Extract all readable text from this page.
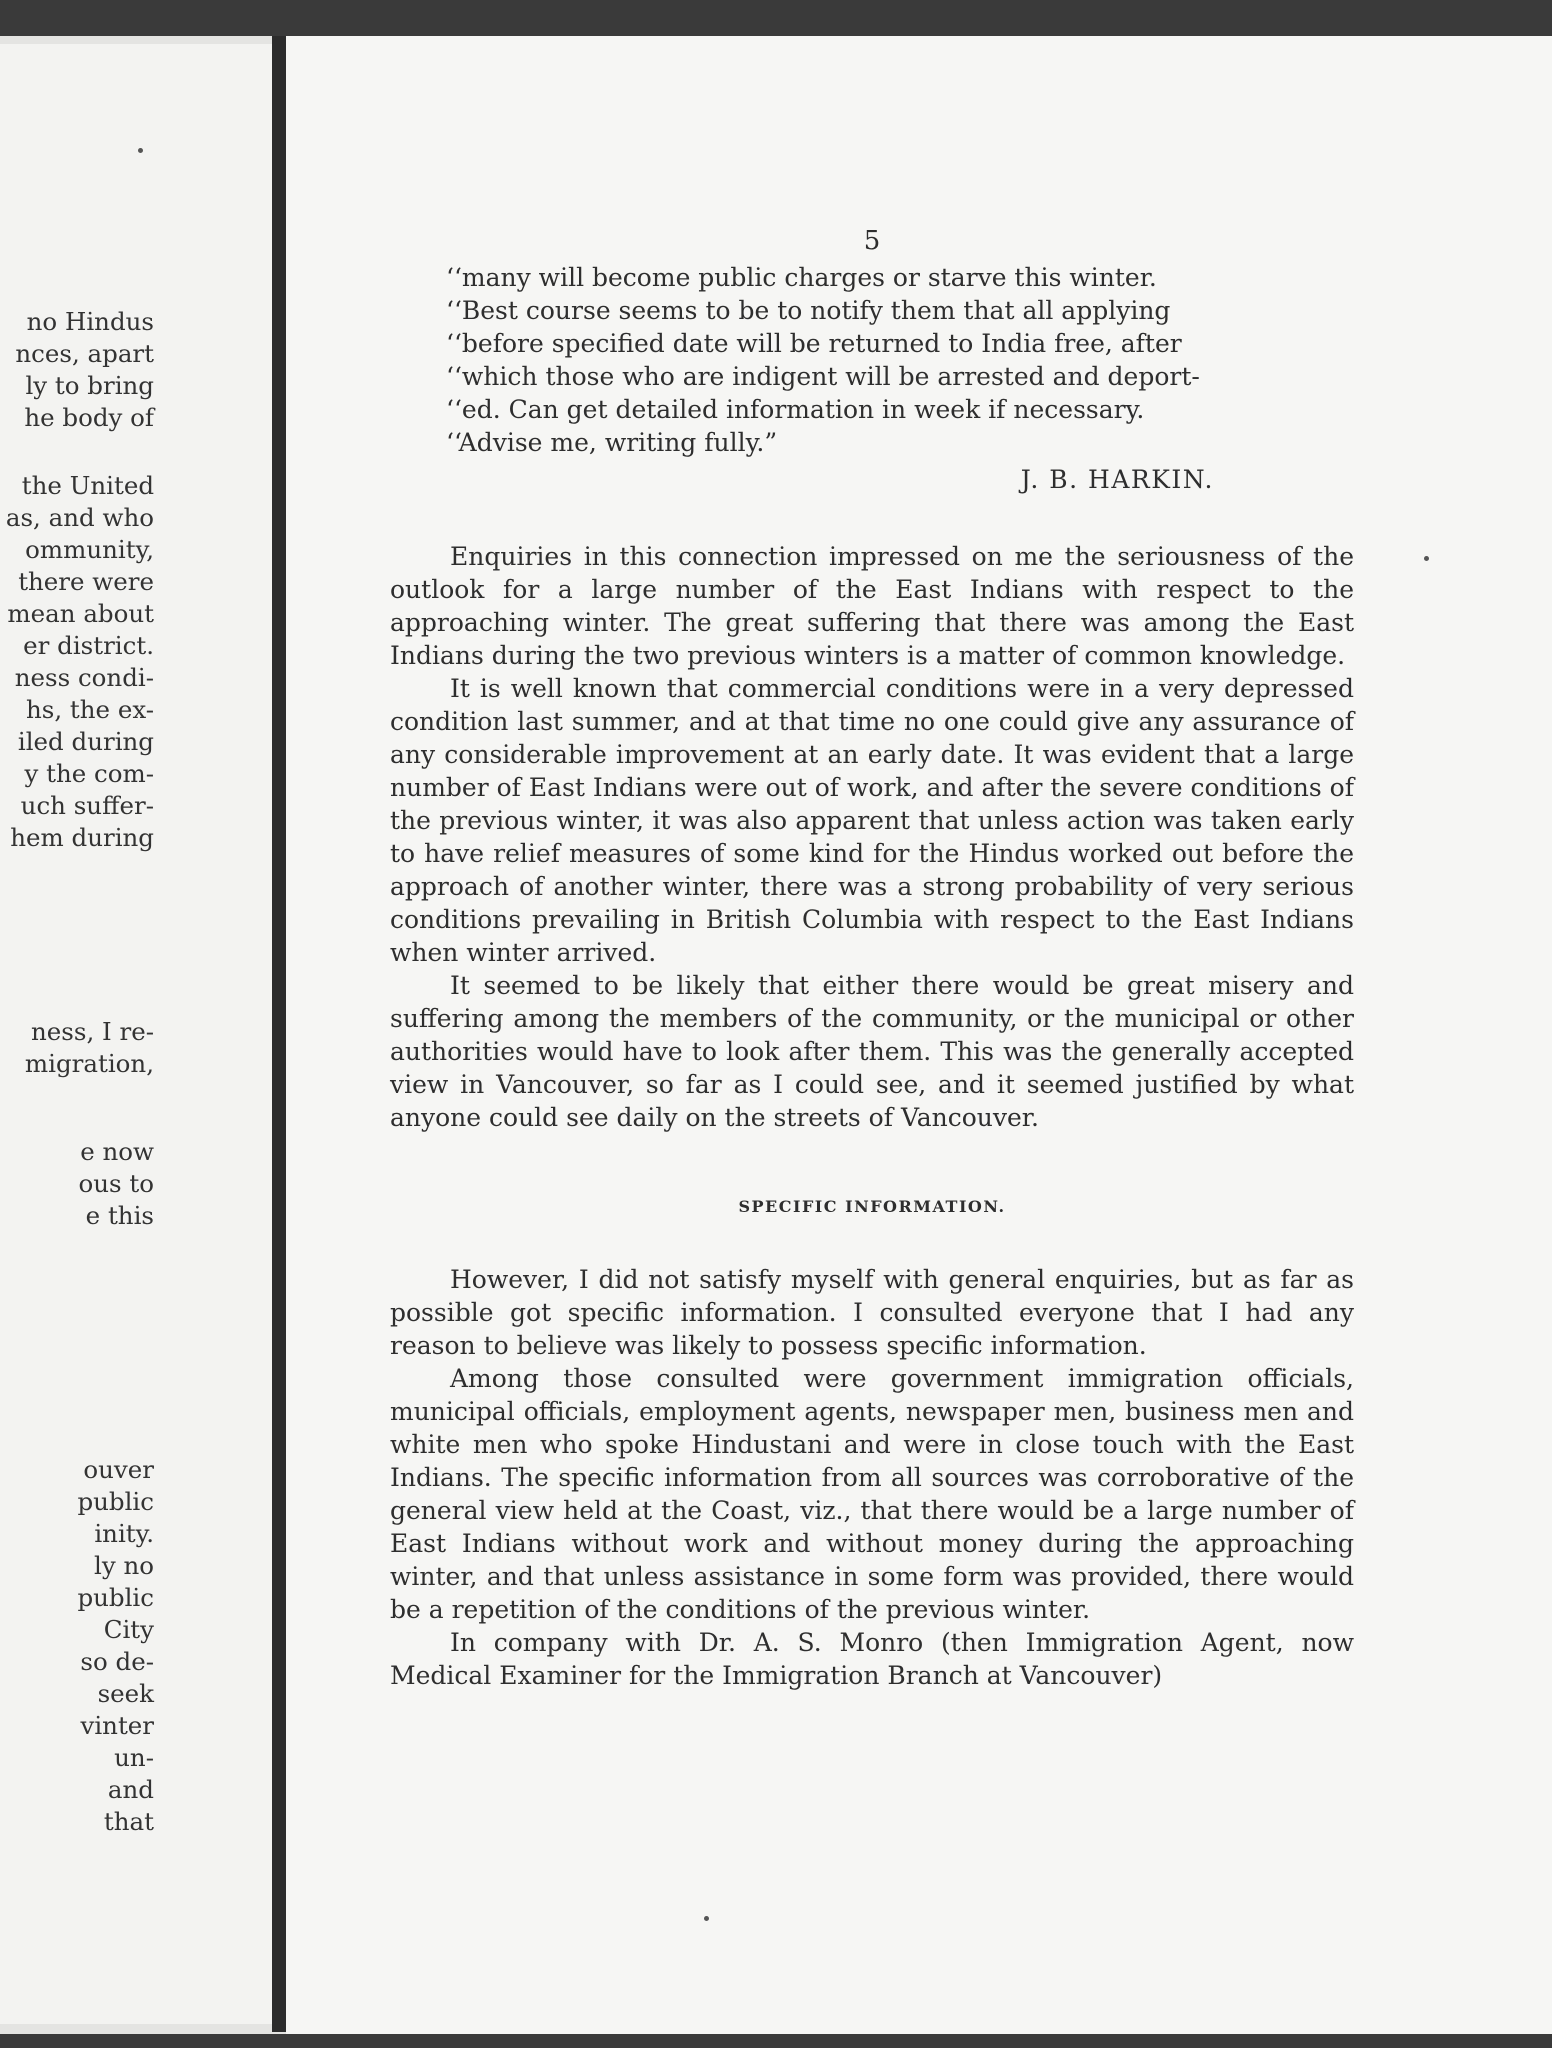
no Hindus
nces, apart
ly to bring
he body of
the United
as, and who
ommunity,
there were
mean about
er district.
ness condi-
hs, the ex-
iled during
y the com-
uch suffer-
hem during
ness, I re-
migration,
e now
ous to
e this
ouver
public
inity.
ly no
public
City
so de-
seek
vinter
un-
and
that
5

‘‘many will become public charges or starve this winter.

‘‘Best course seems to be to notify them that all applying

‘‘before specified date will be returned to India free, after

‘‘which those who are indigent will be arrested and deport-

‘‘ed. Can get detailed information in week if necessary.

‘‘Advise me, writing fully.”

J. B. HARKIN.

Enquiries in this connection impressed on me the seriousness of the outlook for a large number of the East Indians with respect to the approaching winter. The great suffering that there was among the East Indians during the two previous winters is a matter of common knowledge.

It is well known that commercial conditions were in a very depressed condition last summer, and at that time no one could give any assurance of any considerable improvement at an early date. It was evident that a large number of East Indians were out of work, and after the severe conditions of the previous winter, it was also apparent that unless action was taken early to have relief measures of some kind for the Hindus worked out before the approach of another winter, there was a strong probability of very serious conditions prevailing in British Columbia with respect to the East Indians when winter arrived.

It seemed to be likely that either there would be great misery and suffering among the members of the community, or the municipal or other authorities would have to look after them. This was the generally accepted view in Vancouver, so far as I could see, and it seemed justified by what anyone could see daily on the streets of Vancouver.

SPECIFIC INFORMATION.

However, I did not satisfy myself with general enquiries, but as far as possible got specific information. I consulted everyone that I had any reason to believe was likely to possess specific information.

Among those consulted were government immigration officials, municipal officials, employment agents, newspaper men, business men and white men who spoke Hindustani and were in close touch with the East Indians. The specific information from all sources was corroborative of the general view held at the Coast, viz., that there would be a large number of East Indians without work and without money during the approaching winter, and that unless assistance in some form was provided, there would be a repetition of the conditions of the previous winter.

In company with Dr. A. S. Monro (then Immigration Agent, now Medical Examiner for the Immigration Branch at Vancouver)
